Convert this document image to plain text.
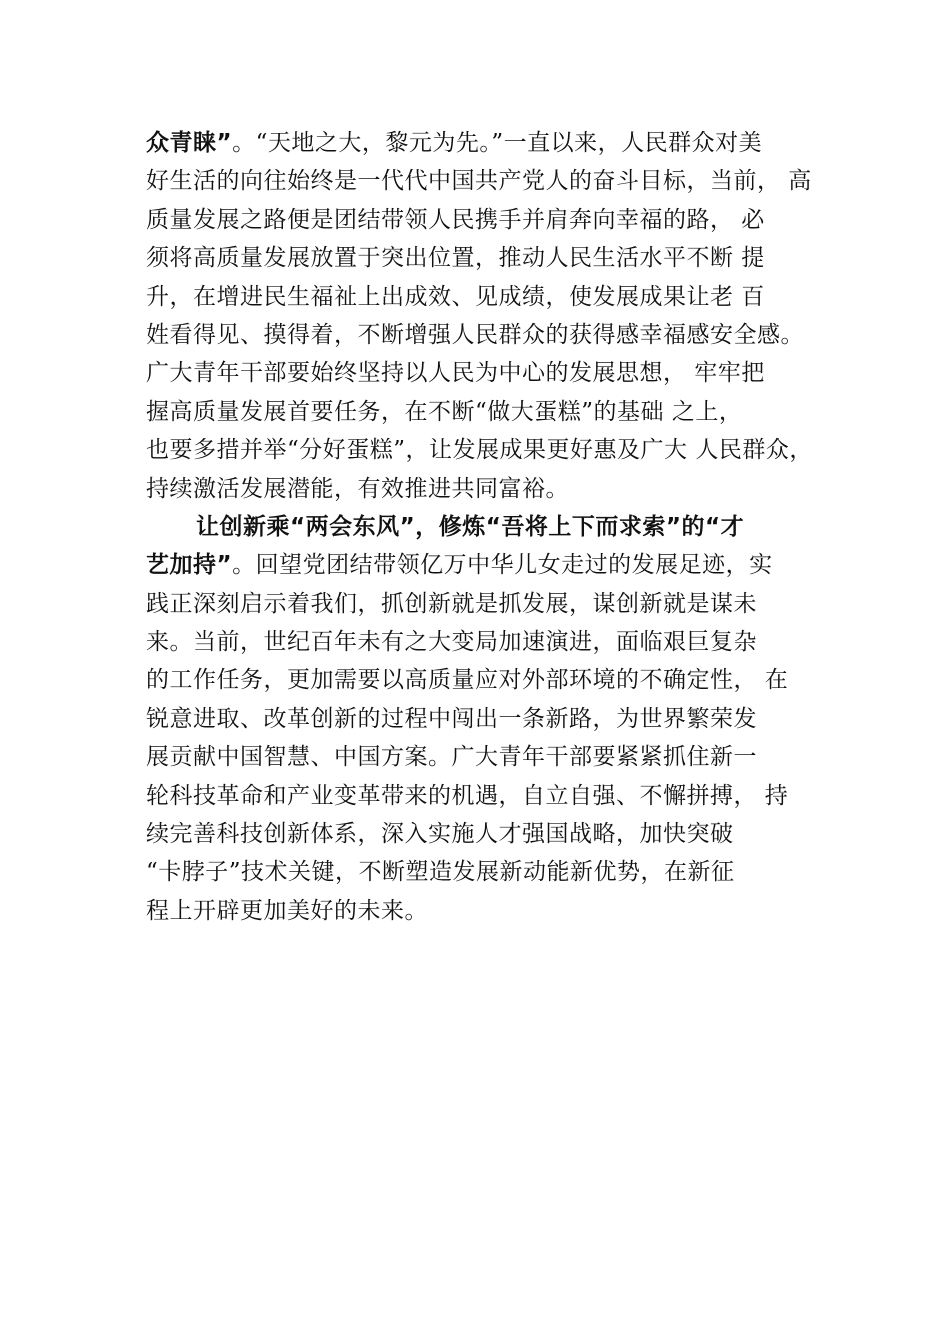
众青睐”。“天地之大，黎元为先。”一直以来，人民群众对美
好生活的向往始终是一代代中国共产党人的奋斗目标，当前， 高
质量发展之路便是团结带领人民携手并肩奔向幸福的路， 必
须将高质量发展放置于突出位置，推动人民生活水平不断 提
升，在增进民生福祉上出成效、见成绩，使发展成果让老 百
姓看得见、摸得着，不断增强人民群众的获得感幸福感安全感。
广大青年干部要始终坚持以人民为中心的发展思想， 牢牢把
握高质量发展首要任务，在不断“做大蛋糕”的基础 之上，
也要多措并举“分好蛋糕”，让发展成果更好惠及广大 人民群众，
持续激活发展潜能，有效推进共同富裕。
让创新乘“两会东风”，修炼“吾将上下而求索”的“才
艺加持”。回望党团结带领亿万中华儿女走过的发展足迹，实
践正深刻启示着我们，抓创新就是抓发展，谋创新就是谋未
来。当前，世纪百年未有之大变局加速演进，面临艰巨复杂
的工作任务，更加需要以高质量应对外部环境的不确定性， 在
锐意进取、改革创新的过程中闯出一条新路，为世界繁荣发
展贡献中国智慧、中国方案。广大青年干部要紧紧抓住新一
轮科技革命和产业变革带来的机遇，自立自强、不懈拼搏， 持
续完善科技创新体系，深入实施人才强国战略，加快突破
“卡脖子”技术关键，不断塑造发展新动能新优势，在新征
程上开辟更加美好的未来。
